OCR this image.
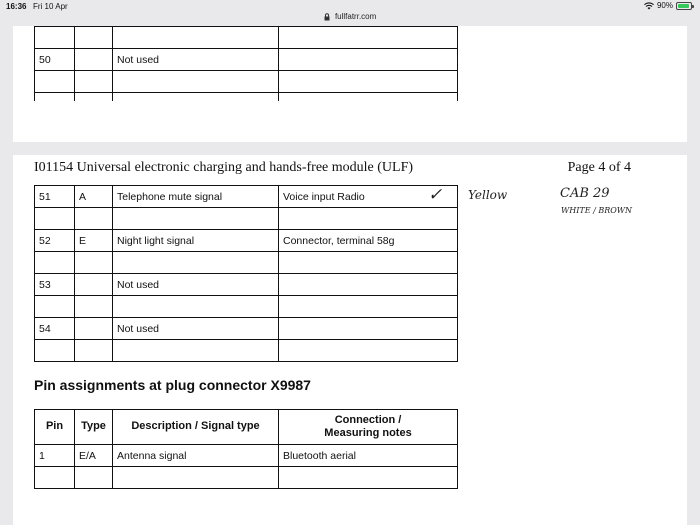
16:36 Fri 10 Apr	90%
fullfatrr.com

50		Not used	

I01154 Universal electronic charging and hands-free module (ULF)	Page 4 of 4
51	A	Telephone mute signal	Voice input Radio

52	E	Night light signal	Connector, terminal 58g

53		Not used	

54		Not used	

✓ Yellow	CAB 29
WHITE / BROWN
Pin assignments at plug connector X9987
Pin	Type	Description / Signal type	Connection /
Measuring notes
1	E/A	Antenna signal	Bluetooth aerial
